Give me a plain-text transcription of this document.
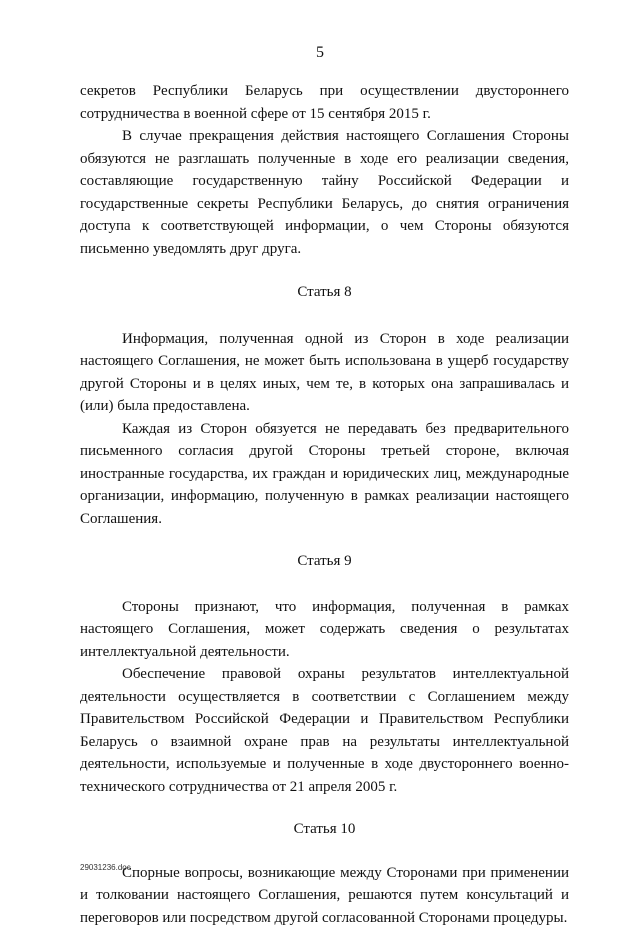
5

секретов Республики Беларусь при осуществлении двустороннего сотрудничества в военной сфере от 15 сентября 2015 г.

В случае прекращения действия настоящего Соглашения Стороны обязуются не разглашать полученные в ходе его реализации сведения, составляющие государственную тайну Российской Федерации и государственные секреты Республики Беларусь, до снятия ограничения доступа к соответствующей информации, о чем Стороны обязуются письменно уведомлять друг друга.

Статья 8

Информация, полученная одной из Сторон в ходе реализации настоящего Соглашения, не может быть использована в ущерб государству другой Стороны и в целях иных, чем те, в которых она запрашивалась и (или) была предоставлена.

Каждая из Сторон обязуется не передавать без предварительного письменного согласия другой Стороны третьей стороне, включая иностранные государства, их граждан и юридических лиц, международные организации, информацию, полученную в рамках реализации настоящего Соглашения.

Статья 9

Стороны признают, что информация, полученная в рамках настоящего Соглашения, может содержать сведения о результатах интеллектуальной деятельности.

Обеспечение правовой охраны результатов интеллектуальной деятельности осуществляется в соответствии с Соглашением между Правительством Российской Федерации и Правительством Республики Беларусь о взаимной охране прав на результаты интеллектуальной деятельности, используемые и полученные в ходе двустороннего военно-технического сотрудничества от 21 апреля 2005 г.

Статья 10

Спорные вопросы, возникающие между Сторонами при применении и толковании настоящего Соглашения, решаются путем консультаций и переговоров или посредством другой согласованной Сторонами процедуры.

29031236.doc
